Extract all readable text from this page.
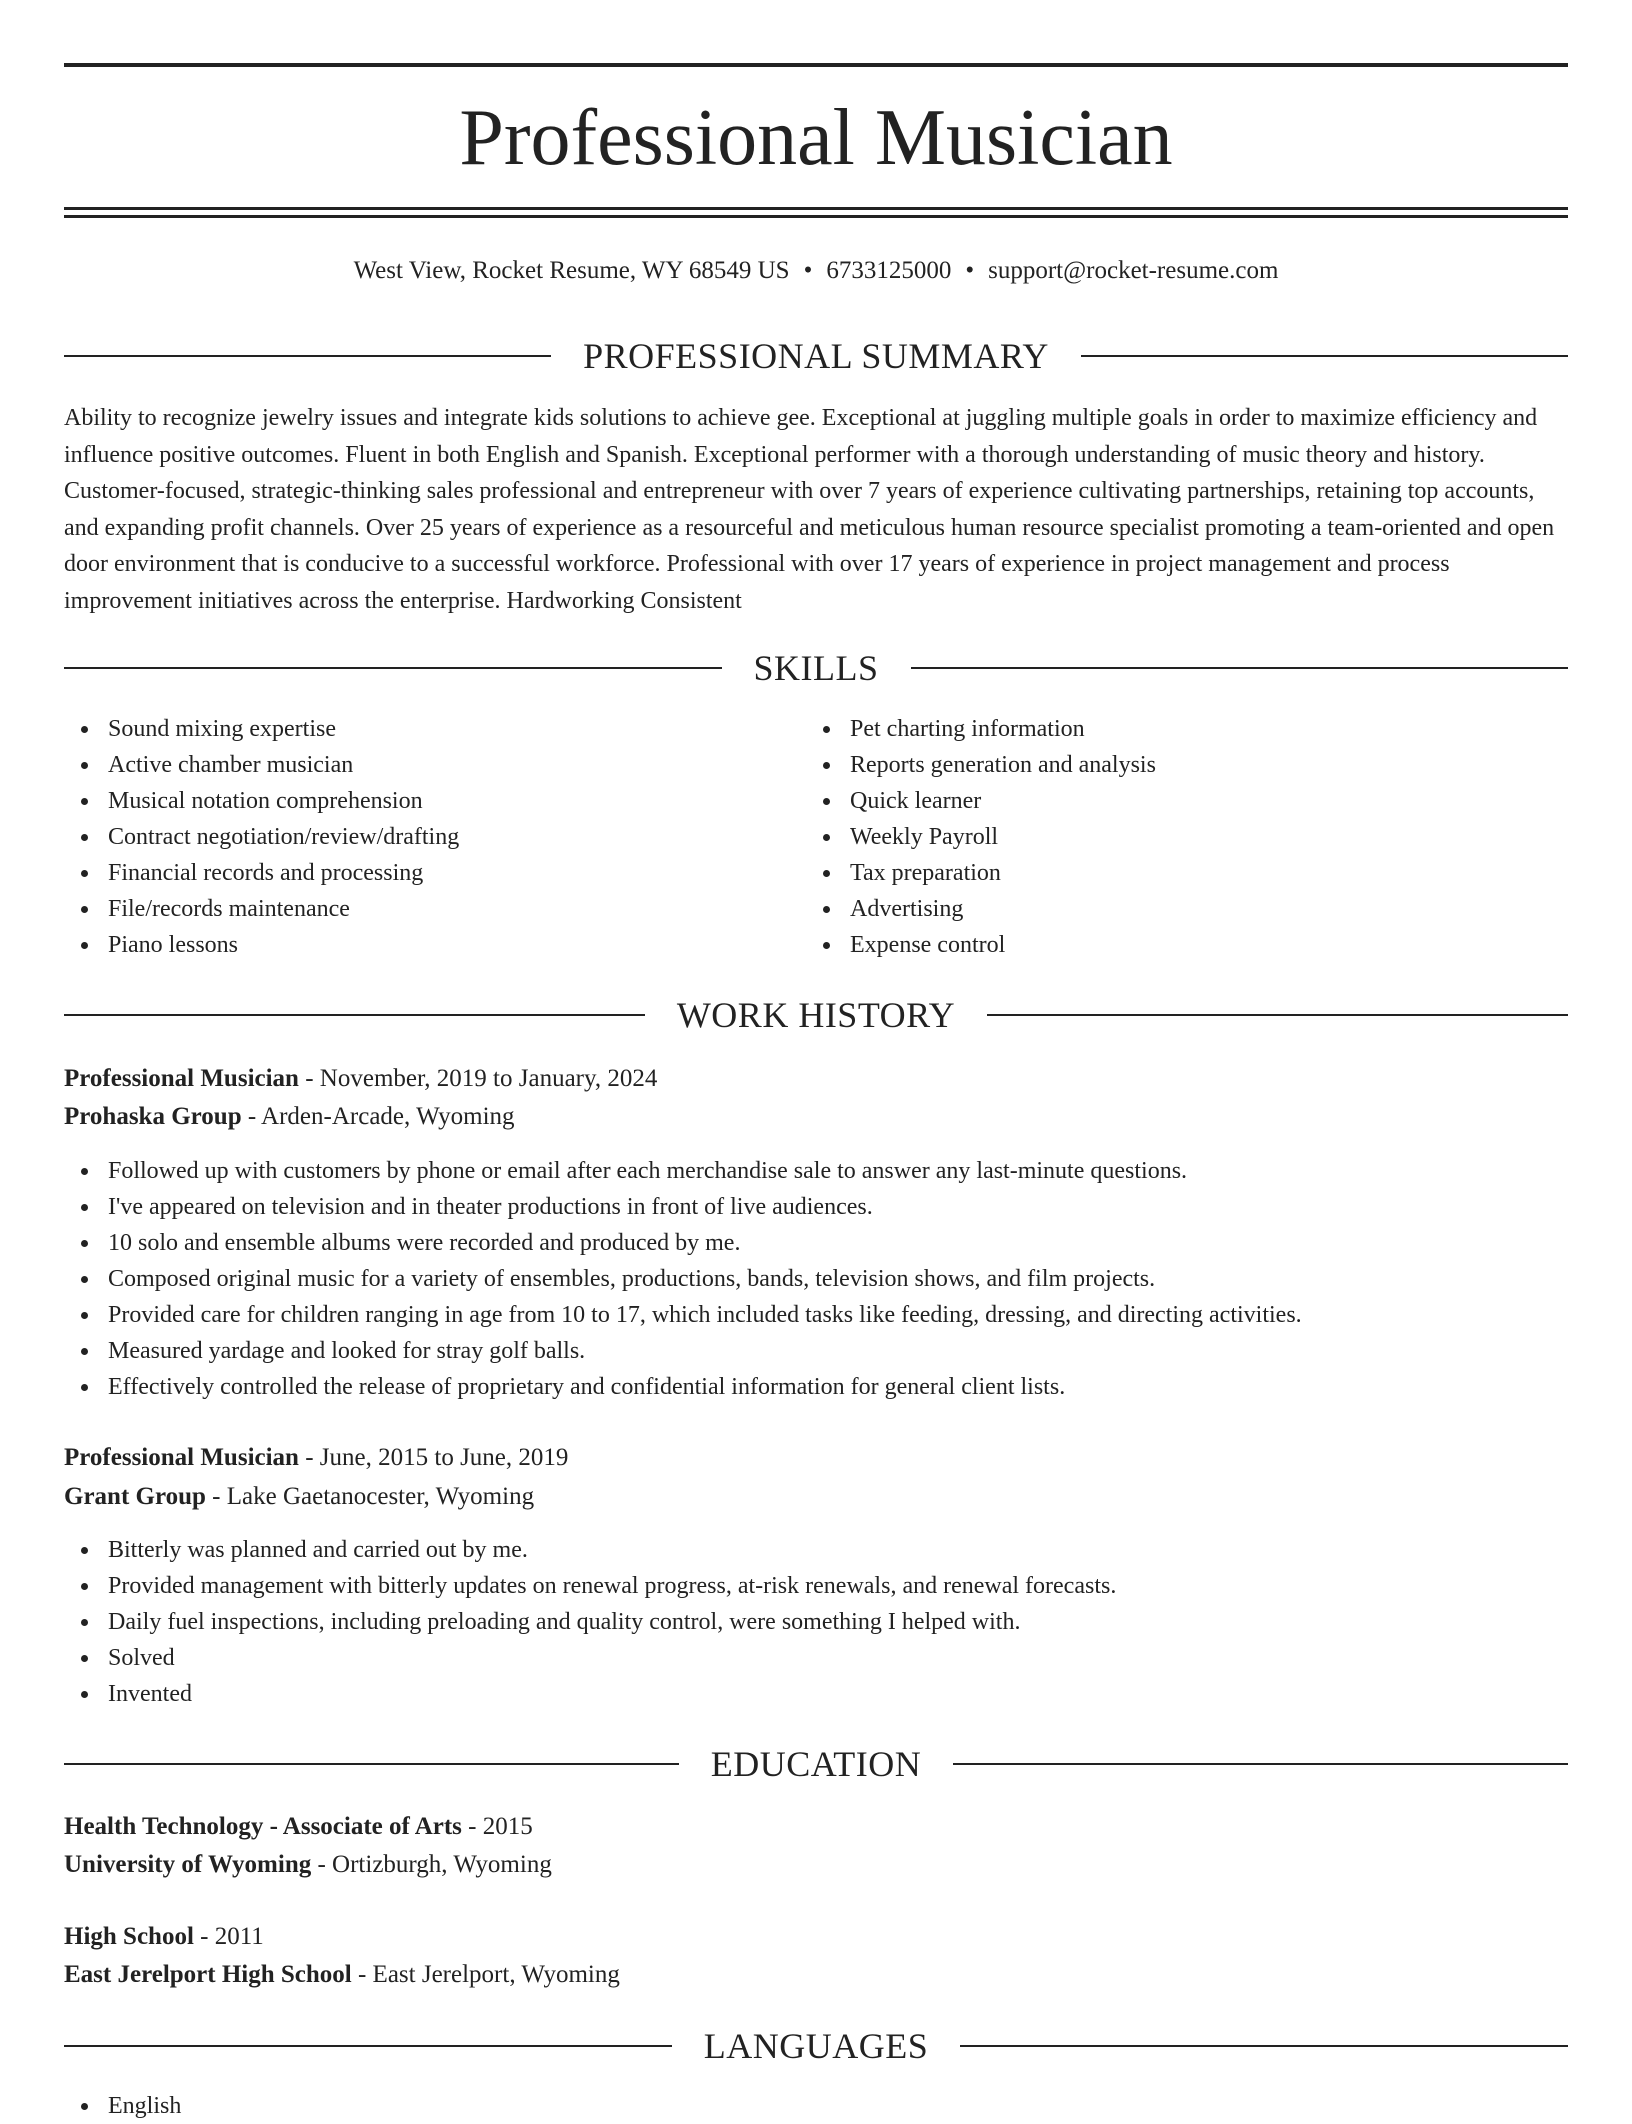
Professional Musician
West View, Rocket Resume, WY 68549 US • 6733125000 • support@rocket-resume.com
PROFESSIONAL SUMMARY
Ability to recognize jewelry issues and integrate kids solutions to achieve gee. Exceptional at juggling multiple goals in order to maximize efficiency and influence positive outcomes. Fluent in both English and Spanish. Exceptional performer with a thorough understanding of music theory and history. Customer-focused, strategic-thinking sales professional and entrepreneur with over 7 years of experience cultivating partnerships, retaining top accounts, and expanding profit channels. Over 25 years of experience as a resourceful and meticulous human resource specialist promoting a team-oriented and open door environment that is conducive to a successful workforce. Professional with over 17 years of experience in project management and process improvement initiatives across the enterprise. Hardworking Consistent
SKILLS
Sound mixing expertise
Active chamber musician
Musical notation comprehension
Contract negotiation/review/drafting
Financial records and processing
File/records maintenance
Piano lessons
Pet charting information
Reports generation and analysis
Quick learner
Weekly Payroll
Tax preparation
Advertising
Expense control
WORK HISTORY
Professional Musician - November, 2019 to January, 2024
Prohaska Group - Arden-Arcade, Wyoming
Followed up with customers by phone or email after each merchandise sale to answer any last-minute questions.
I've appeared on television and in theater productions in front of live audiences.
10 solo and ensemble albums were recorded and produced by me.
Composed original music for a variety of ensembles, productions, bands, television shows, and film projects.
Provided care for children ranging in age from 10 to 17, which included tasks like feeding, dressing, and directing activities.
Measured yardage and looked for stray golf balls.
Effectively controlled the release of proprietary and confidential information for general client lists.
Professional Musician - June, 2015 to June, 2019
Grant Group - Lake Gaetanocester, Wyoming
Bitterly was planned and carried out by me.
Provided management with bitterly updates on renewal progress, at-risk renewals, and renewal forecasts.
Daily fuel inspections, including preloading and quality control, were something I helped with.
Solved
Invented
EDUCATION
Health Technology - Associate of Arts - 2015
University of Wyoming - Ortizburgh, Wyoming
High School - 2011
East Jerelport High School - East Jerelport, Wyoming
LANGUAGES
English
